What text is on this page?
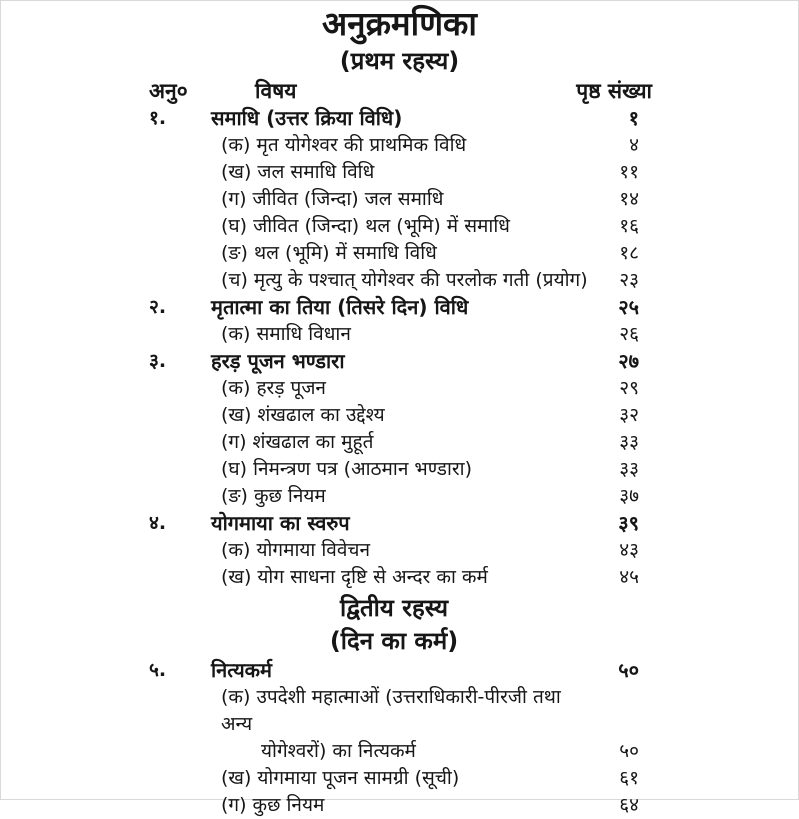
अनुक्रमणिका
(प्रथम रहस्य)
अनु०	विषय	पृष्ठ संख्या
१.	समाधि (उत्तर क्रिया विधि)	१
(क) मृत योगेश्वर की प्राथमिक विधि	४
(ख) जल समाधि विधि	११
(ग) जीवित (जिन्दा) जल समाधि	१४
(घ) जीवित (जिन्दा) थल (भूमि) में समाधि	१६
(ङ) थल (भूमि) में समाधि विधि	१८
(च) मृत्यु के पश्चात् योगेश्वर की परलोक गती (प्रयोग)	२३
२.	मृतात्मा का तिया (तिसरे दिन) विधि	२५
(क) समाधि विधान	२६
३.	हरड़ पूजन भण्डारा	२७
(क) हरड़ पूजन	२९
(ख) शंखढाल का उद्देश्य	३२
(ग) शंखढाल का मुहूर्त	३३
(घ) निमन्त्रण पत्र (आठमान भण्डारा)	३३
(ङ) कुछ नियम	३७
४.	योगमाया का स्वरुप	३९
(क) योगमाया विवेचन	४३
(ख) योग साधना दृष्टि से अन्दर का कर्म	४५
द्वितीय रहस्य
(दिन का कर्म)
५.	नित्यकर्म	५०
(क) उपदेशी महात्माओं (उत्तराधिकारी-पीरजी तथा अन्य
योगेश्वरों) का नित्यकर्म	५०
(ख) योगमाया पूजन सामग्री (सूची)	६१
(ग) कुछ नियम	६४
